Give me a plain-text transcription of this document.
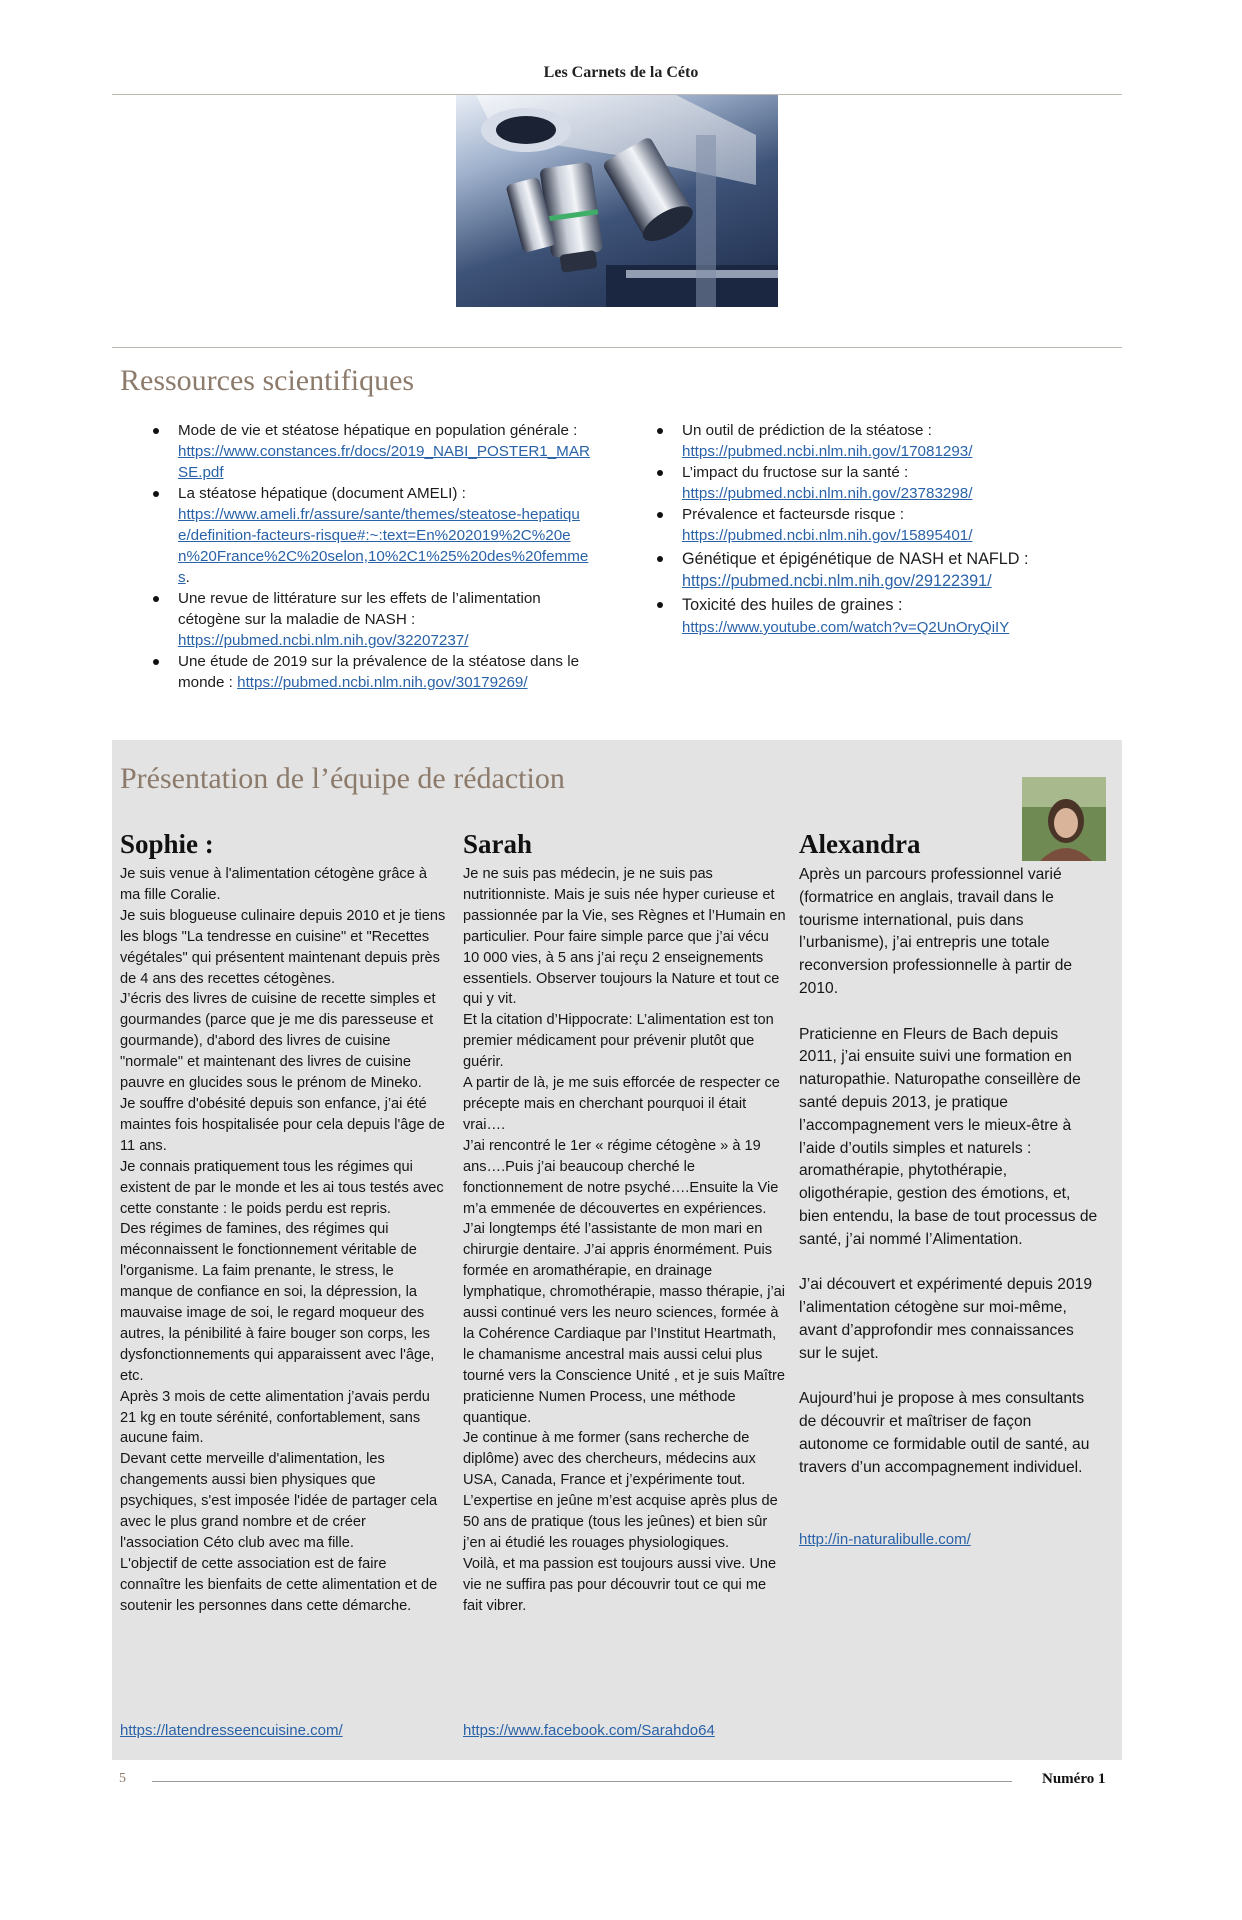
Les Carnets de la Céto
Ressources scientifiques
Mode de vie et stéatose hépatique en population générale :
https://www.constances.fr/docs/2019_NABI_POSTER1_MARSE.pdf
La stéatose hépatique (document AMELI) :
https://www.ameli.fr/assure/sante/themes/steatose-hepatique/definition-facteurs-risque#:~:text=En%202019%2C%20en%20France%2C%20selon,10%2C1%25%20des%20femmes.
Une revue de littérature sur les effets de l’alimentation cétogène sur la maladie de NASH :
https://pubmed.ncbi.nlm.nih.gov/32207237/
Une étude de 2019 sur la prévalence de la stéatose dans le monde : https://pubmed.ncbi.nlm.nih.gov/30179269/
Un outil de prédiction de la stéatose :
https://pubmed.ncbi.nlm.nih.gov/17081293/
L’impact du fructose sur la santé :
https://pubmed.ncbi.nlm.nih.gov/23783298/
Prévalence et facteursde risque :
https://pubmed.ncbi.nlm.nih.gov/15895401/
Génétique et épigénétique de NASH et NAFLD :
https://pubmed.ncbi.nlm.nih.gov/29122391/
Toxicité des huiles de graines :
https://www.youtube.com/watch?v=Q2UnOryQiIY
Présentation de l’équipe de rédaction
Sophie :

Je suis venue à l'alimentation cétogène grâce à ma fille Coralie.

Je suis blogueuse culinaire depuis 2010 et je tiens les blogs "La tendresse en cuisine" et "Recettes végétales" qui présentent maintenant depuis près de 4 ans des recettes cétogènes.

J’écris des livres de cuisine de recette simples et gourmandes (parce que je me dis paresseuse et gourmande), d'abord des livres de cuisine "normale" et maintenant des livres de cuisine pauvre en glucides sous le prénom de Mineko.

Je souffre d'obésité depuis son enfance, j’ai été maintes fois hospitalisée pour cela depuis l'âge de 11 ans.

Je connais pratiquement tous les régimes qui existent de par le monde et les ai tous testés avec cette constante : le poids perdu est repris.

Des régimes de famines, des régimes qui méconnaissent le fonctionnement véritable de l'organisme. La faim prenante, le stress, le manque de confiance en soi, la dépression, la mauvaise image de soi, le regard moqueur des autres, la pénibilité à faire bouger son corps, les dysfonctionnements qui apparaissent avec l'âge, etc.

Après 3 mois de cette alimentation j’avais perdu 21 kg en toute sérénité, confortablement, sans aucune faim.

Devant cette merveille d'alimentation, les changements aussi bien physiques que psychiques, s'est imposée l'idée de partager cela avec le plus grand nombre et de créer l'association Céto club avec ma fille.

L'objectif de cette association est de faire connaître les bienfaits de cette alimentation et de soutenir les personnes dans cette démarche.

https://latendresseencuisine.com/
Sarah

Je ne suis pas médecin, je ne suis pas nutritionniste. Mais je suis née hyper curieuse et passionnée par la Vie, ses Règnes et l’Humain en particulier. Pour faire simple parce que j’ai vécu 10 000 vies, à 5 ans j’ai reçu 2 enseignements essentiels. Observer toujours la Nature et tout ce qui y vit.

Et la citation d’Hippocrate: L’alimentation est ton premier médicament pour prévenir plutôt que guérir.

A partir de là, je me suis efforcée de respecter ce précepte mais en cherchant pourquoi il était vrai….

J’ai rencontré le 1er « régime cétogène » à 19 ans….Puis j’ai beaucoup cherché le fonctionnement de notre psyché….Ensuite la Vie m’a emmenée de découvertes en expériences.

J’ai longtemps été l’assistante de mon mari en chirurgie dentaire. J’ai appris énormément. Puis formée en aromathérapie, en drainage lymphatique, chromothérapie, masso thérapie, j’ai aussi continué vers les neuro sciences, formée à la Cohérence Cardiaque par l’Institut Heartmath, le chamanisme ancestral mais aussi celui plus tourné vers la Conscience Unité , et je suis Maître praticienne Numen Process, une méthode quantique.

Je continue à me former (sans recherche de diplôme) avec des chercheurs, médecins aux USA, Canada, France et j’expérimente tout.

L’expertise en jeûne m’est acquise après plus de 50 ans de pratique (tous les jeûnes) et bien sûr j’en ai étudié les rouages physiologiques.

Voilà, et ma passion est toujours aussi vive. Une vie ne suffira pas pour découvrir tout ce qui me fait vibrer.

https://www.facebook.com/Sarahdo64
Alexandra

Après un parcours professionnel varié (formatrice en anglais, travail dans le tourisme international, puis dans l’urbanisme), j’ai entrepris une totale reconversion professionnelle à partir de 2010.

Praticienne en Fleurs de Bach depuis 2011, j’ai ensuite suivi une formation en naturopathie. Naturopathe conseillère de santé depuis 2013, je pratique l’accompagnement vers le mieux-être à l’aide d’outils simples et naturels : aromathérapie, phytothérapie, oligothérapie, gestion des émotions, et, bien entendu, la base de tout processus de santé, j’ai nommé l’Alimentation.

J’ai découvert et expérimenté depuis 2019 l’alimentation cétogène sur moi-même, avant d’approfondir mes connaissances sur le sujet.

Aujourd’hui je propose à mes consultants de découvrir et maîtriser de façon autonome ce formidable outil de santé, au travers d’un accompagnement individuel.

http://in-naturalibulle.com/
5	Numéro 1
